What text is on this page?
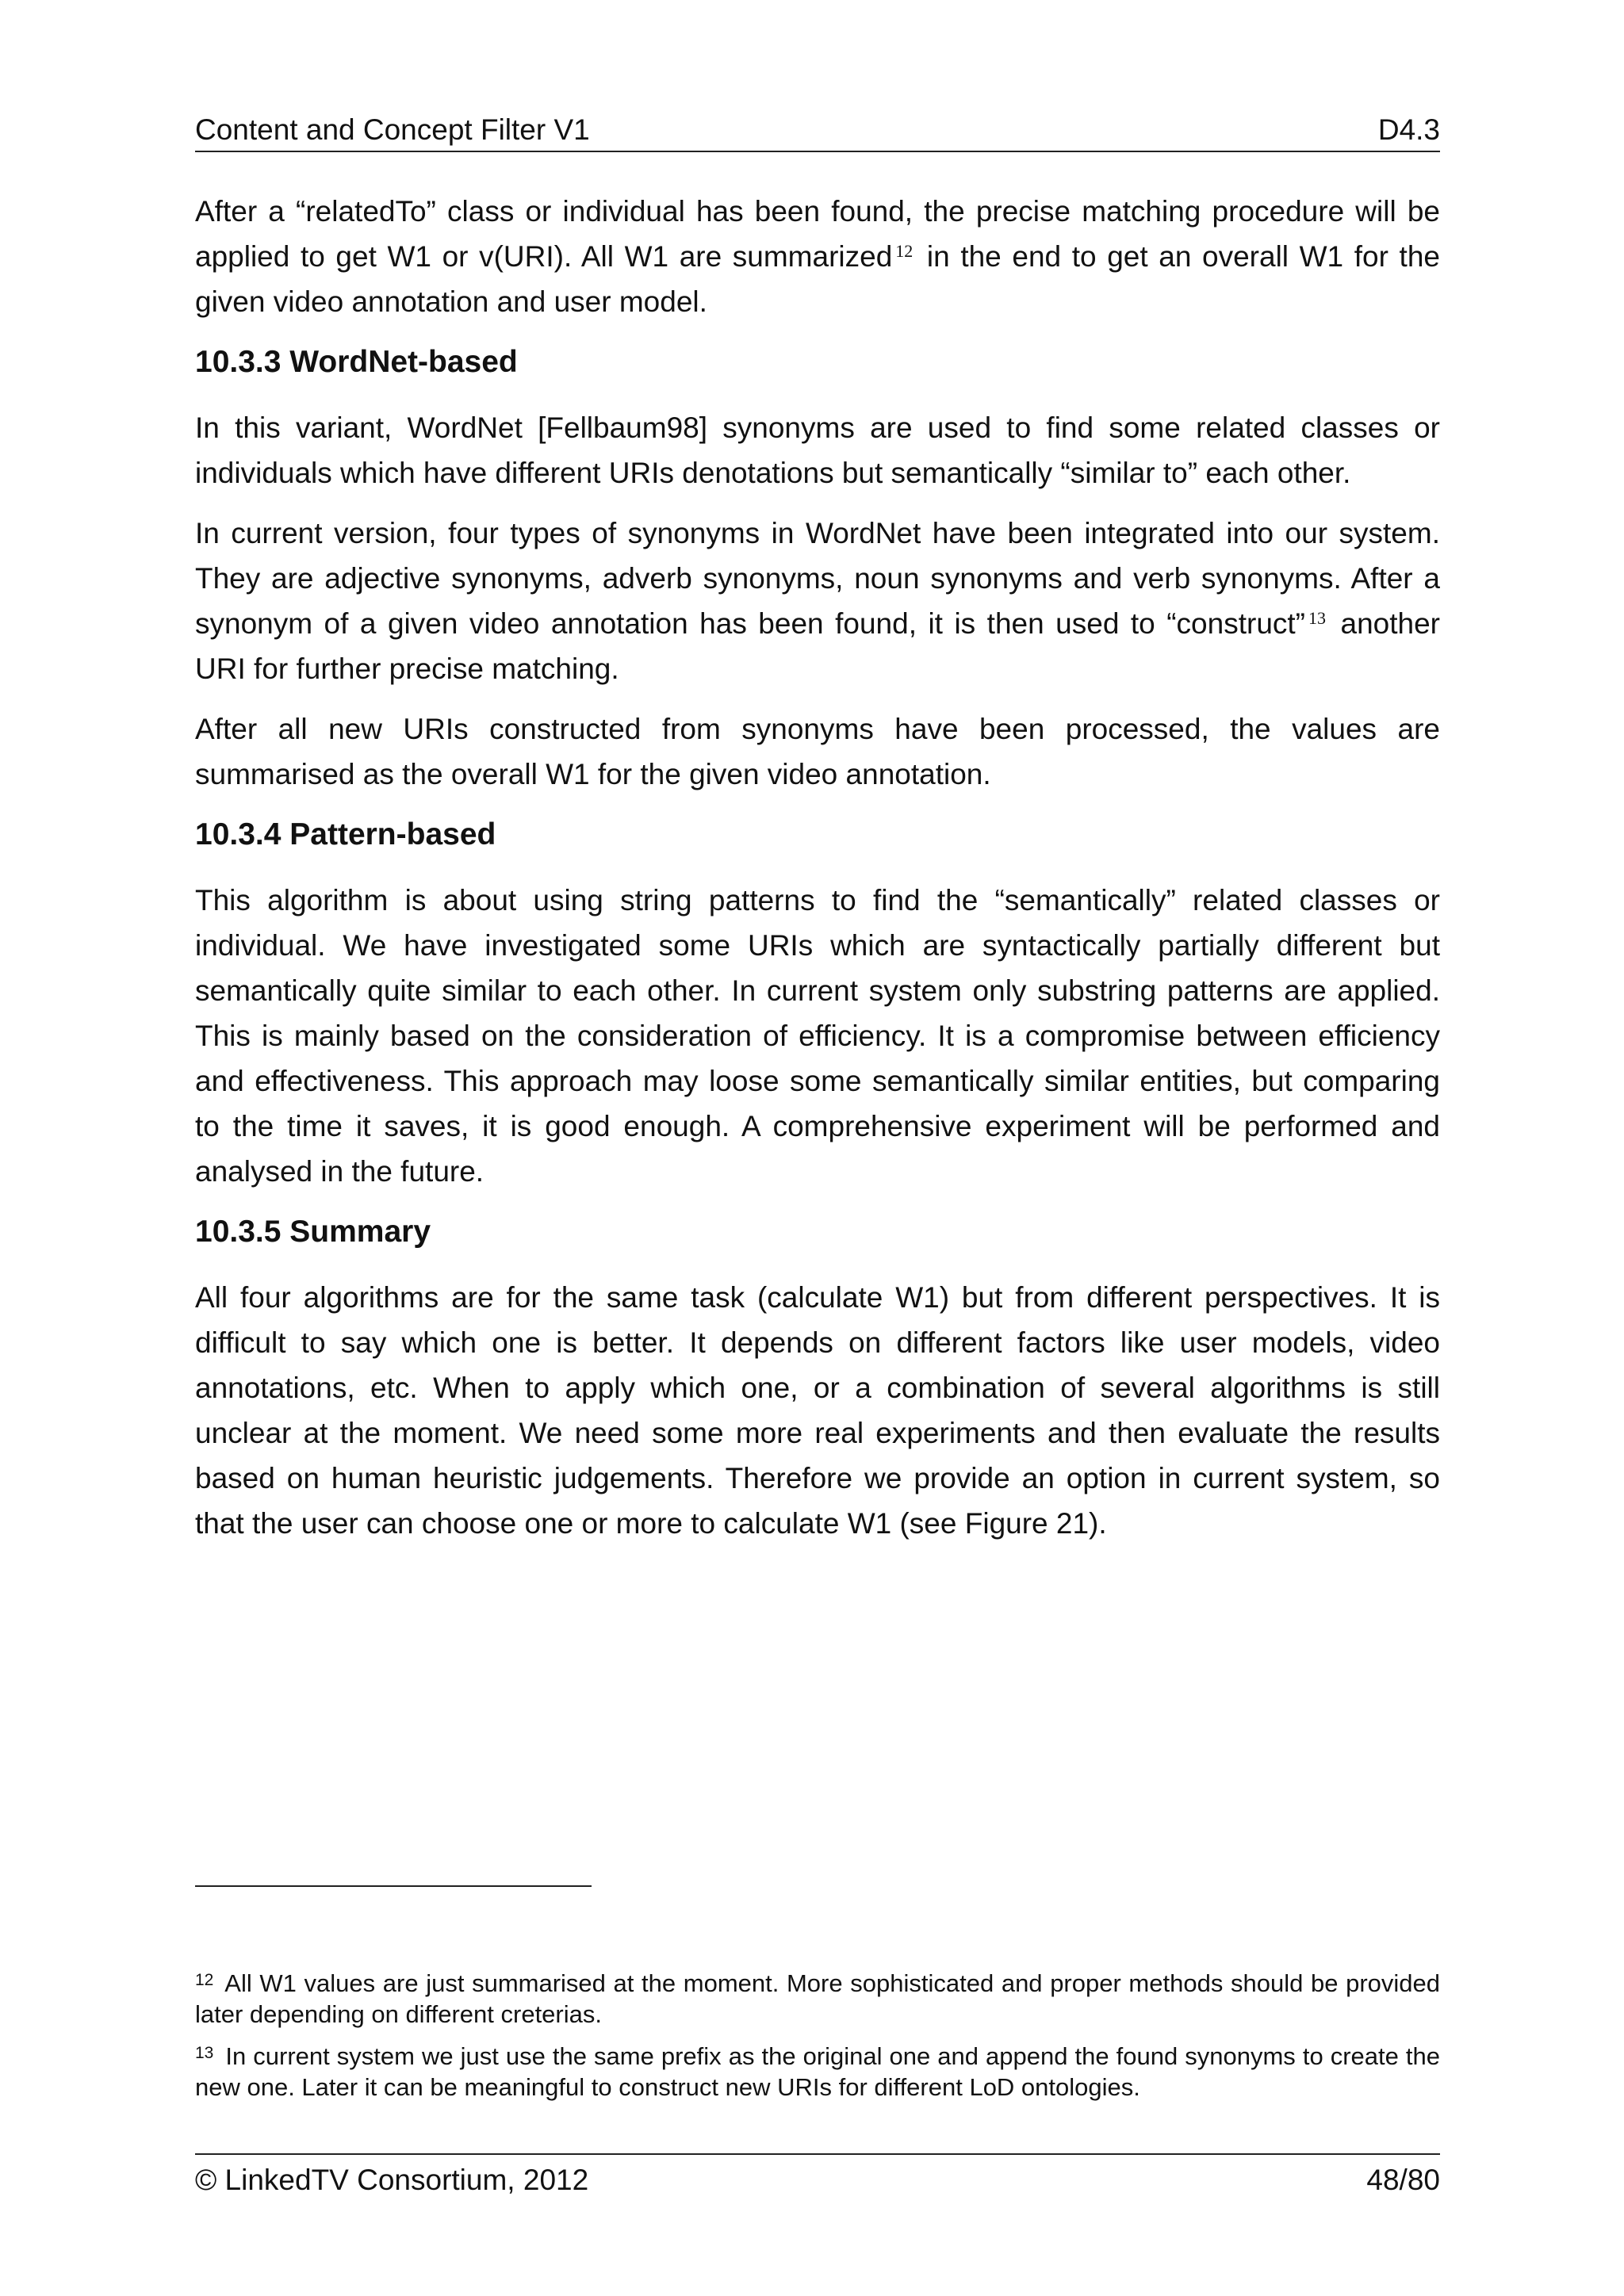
Content and Concept Filter V1	D4.3

After a “relatedTo” class or individual has been found, the precise matching procedure will be applied to get W1 or v(URI). All W1 are summarized $^{12}$ in the end to get an overall W1 for the given video annotation and user model.

10.3.3 WordNet-based

In this variant, WordNet [Fellbaum98] synonyms are used to find some related classes or individuals which have different URIs denotations but semantically “similar to” each other.

In current version, four types of synonyms in WordNet have been integrated into our system. They are adjective synonyms, adverb synonyms, noun synonyms and verb synonyms. After a synonym of a given video annotation has been found, it is then used to “construct” $^{13}$ another URI for further precise matching.

After all new URIs constructed from synonyms have been processed, the values are summarised as the overall W1 for the given video annotation.

10.3.4 Pattern-based

This algorithm is about using string patterns to find the “semantically” related classes or individual. We have investigated some URIs which are syntactically partially different but semantically quite similar to each other. In current system only substring patterns are applied. This is mainly based on the consideration of efficiency. It is a compromise between efficiency and effectiveness. This approach may loose some semantically similar entities, but comparing to the time it saves, it is good enough. A comprehensive experiment will be performed and analysed in the future.

10.3.5 Summary

All four algorithms are for the same task (calculate W1) but from different perspectives. It is difficult to say which one is better. It depends on different factors like user models, video annotations, etc. When to apply which one, or a combination of several algorithms is still unclear at the moment. We need some more real experiments and then evaluate the results based on human heuristic judgements. Therefore we provide an option in current system, so that the user can choose one or more to calculate W1 (see Figure 21).

$^{12}$ All W1 values are just summarised at the moment. More sophisticated and proper methods should be provided later depending on different creterias.

$^{13}$ In current system we just use the same prefix as the original one and append the found synonyms to create the new one. Later it can be meaningful to construct new URIs for different LoD ontologies.

© LinkedTV Consortium, 2012	48/80
